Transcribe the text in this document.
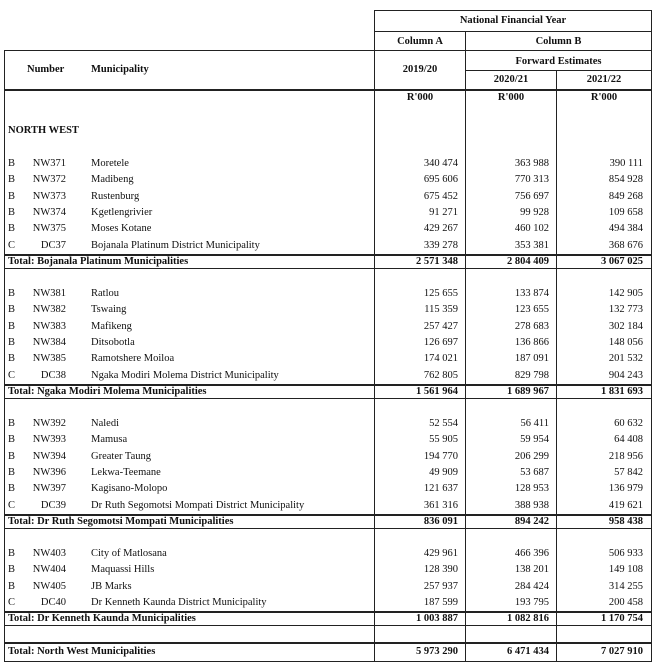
National Financial Year
Column A	Column B
Forward Estimates
Number	Municipality	2019/20
2020/21	2021/22
R'000	R'000	R'000
NORTH WEST
B	NW371 Moretele	340 474	363 988	390 111
B	NW372 Madibeng	695 606	770 313	854 928
B	NW373 Rustenburg	675 452	756 697	849 268
B	NW374 Kgetlengrivier	91 271	99 928	109 658
B	NW375 Moses Kotane	429 267	460 102	494 384
C	DC37 Bojanala Platinum District Municipality	339 278	353 381	368 676
Total: Bojanala Platinum Municipalities	2 571 348	2 804 409	3 067 025
B	NW381 Ratlou	125 655	133 874	142 905
B	NW382 Tswaing	115 359	123 655	132 773
B	NW383 Mafikeng	257 427	278 683	302 184
B	NW384 Ditsobotla	126 697	136 866	148 056
B	NW385 Ramotshere Moiloa	174 021	187 091	201 532
C	DC38 Ngaka Modiri Molema District Municipality	762 805	829 798	904 243
Total: Ngaka Modiri Molema Municipalities	1 561 964	1 689 967	1 831 693
B	NW392 Naledi	52 554	56 411	60 632
B	NW393 Mamusa	55 905	59 954	64 408
B	NW394 Greater Taung	194 770	206 299	218 956
B	NW396 Lekwa-Teemane	49 909	53 687	57 842
B	NW397 Kagisano-Molopo	121 637	128 953	136 979
C	DC39 Dr Ruth Segomotsi Mompati District Municipality	361 316	388 938	419 621
Total: Dr Ruth Segomotsi Mompati Municipalities	836 091	894 242	958 438
B	NW403 City of Matlosana	429 961	466 396	506 933
B	NW404 Maquassi Hills	128 390	138 201	149 108
B	NW405 JB Marks	257 937	284 424	314 255
C	DC40 Dr Kenneth Kaunda District Municipality	187 599	193 795	200 458
Total: Dr Kenneth Kaunda Municipalities	1 003 887	1 082 816	1 170 754
Total: North West Municipalities	5 973 290	6 471 434	7 027 910
